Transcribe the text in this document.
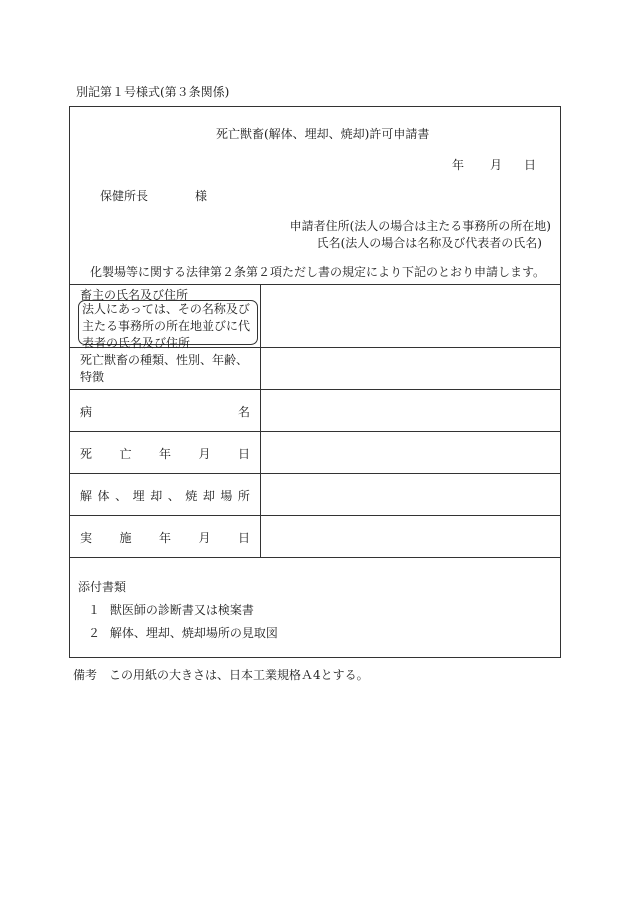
別記第１号様式(第３条関係)
死亡獣畜(解体、埋却、焼却)許可申請書
年 月 日
保健所長	様
申請者住所(法人の場合は主たる事務所の所在地)
氏名(法人の場合は名称及び代表者の氏名)
化製場等に関する法律第２条第２項ただし書の規定により下記のとおり申請します。
畜主の氏名及び住所
法人にあっては、その名称及び
主たる事務所の所在地並びに代
表者の氏名及び住所
死亡獣畜の種類、性別、年齢、
特徴
病	名
死 亡 年 月 日
解 体 、 埋 却 、 焼 却 場 所
実 施 年 月 日
添付書類
１ 獣医師の診断書又は検案書
２ 解体、埋却、焼却場所の見取図
備考　この用紙の大きさは、日本工業規格Ａ4とする。
